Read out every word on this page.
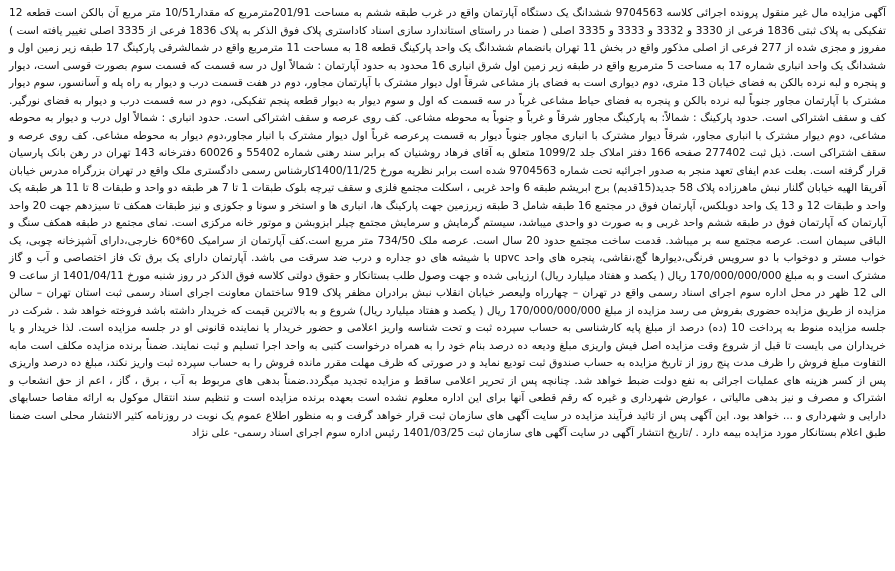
آگهی مزایده مال غیر منقول پرونده اجرائی کلاسه 9704563 ششدانگ یک دستگاه آپارتمان واقع در غرب طبقه ششم به مساحت 201/91مترمربع که مقدار10/51 متر مربع آن بالکن است قطعه 12 تفکیکی به پلاک ثبتی 1836 فرعی از 3330 و 3332 و 3333 و 3335 اصلی ( ضمنا در راستای استاندارد سازی اسناد کاداستری پلاک فوق الذکر به پلاک 1836 فرعی از 3335 اصلی تغییر یافته است ) مفروز و مجزی شده از 277 فرعی از اصلی مذکور واقع در بخش 11 تهران بانضمام ششدانگ یک واحد پارکینگ قطعه 18 به مساحت 11 مترمربع واقع در شمالشرقی پارکینگ 17 طبقه زیر زمین اول و ششدانگ یک واحد انباری شماره 17 به مساحت 5 مترمربع واقع در طبقه زیر زمین اول شرق انباری 16 محدود به حدود آپارتمان : شمالاً اول در سه قسمت که قسمت سوم بصورت قوسی است، دیوار و پنجره و لبه نرده بالکن به فضای خیابان 13 متری، دوم دیواری است به فضای باز مشاعی شرقاً اول دیوار مشترک با آپارتمان مجاور، دوم در هفت قسمت درب و دیوار به راه پله و آسانسور، سوم دیوار مشترک با آپارتمان مجاور جنوباً لبه نرده بالکن و پنجره به فضای حیاط مشاعی غرباً در سه قسمت که اول و سوم دیوار به دیوار قطعه پنجم تفکیکی، دوم در سه قسمت درب و دیوار به فضای نورگیر. کف و سقف اشتراکی است. حدود پارکینگ : شمالاً: به پارکینگ مجاور شرقاً و غرباً و جنوباً به محوطه مشاعی. کف روی عرصه و سقف اشتراکی است. حدود انباری : شمالاً اول درب و دیوار به محوطه مشاعی، دوم دیوار مشترک با انباری مجاور، شرقاً دیوار مشترک با انباری مجاور جنوباً دیوار به قسمت پرعرصه غرباً اول دیوار مشترک با انبار مجاور،دوم دیوار به محوطه مشاعی. کف روی عرصه و سقف اشتراکی است. ذیل ثبت 277402 صفحه 166 دفتر املاک جلد 1099/2 متعلق به آقای فرهاد روشنیان که برابر سند رهنی شماره 55402 و 60026 دفترخانه 143 تهران در رهن بانک پارسیان قرار گرفته است. بعلت عدم ایفای تعهد منجر به صدور اجرائیه تحت شماره 9704563 شده است برابر نظریه مورخ 1400/11/25کارشناس رسمی دادگستری ملک واقع در تهران بزرگراه مدرس خیابان آفریقا الهیه خیابان گلنار نبش ماهرزاده پلاک 58 جدید(15قدیم) برج ابریشم طبقه 6 واحد غربی ، اسکلت مجتمع فلزی و سقف تیرچه بلوک طبقات 1 تا 7 هر طبقه دو واحد و طبقات 8 تا 11 هر طبقه یک واحد و طبقات 12 و 13 یک واحد دوبلکس، آپارتمان فوق در مجتمع 16 طبقه شامل 3 طبقه زیرزمین جهت پارکینگ ها، انباری ها و استخر و سونا و جکوزی و نیز طبقات همکف تا سیزدهم جهت 20 واحد آپارتمان که آپارتمان فوق در طبقه ششم واحد غربی و به صورت دو واحدی میباشد، سیستم گرمایش و سرمایش مجتمع چیلر ابزوبشن و موتور خانه مرکزی است. نمای مجتمع در طبقه همکف سنگ و الباقی سیمان است. عرصه مجتمع سه بر میباشد. قدمت ساخت مجتمع حدود 20 سال است. عرصه ملک 734/50 متر مربع است.کف آپارتمان از سرامیک 60*60 خارجی،دارای آشپزخانه چوبی، یک خواب مستر و دوخواب با دو سرویس فرنگی،دیوارها گچ،نقاشی، پنجره های واحد upvc با شیشه های دو جداره و درب ضد سرقت می باشد. آپارتمان دارای یک برق تک فاز اختصاصی و آب و گاز مشترک است و به مبلغ 170/000/000/000 ریال ( یکصد و هفتاد میلیارد ریال) ارزیابی شده و جهت وصول طلب بستانکار و حقوق دولتی کلاسه فوق الذکر در روز شنبه مورخ 1401/04/11 از ساعت 9 الی 12 ظهر در محل اداره سوم اجرای اسناد رسمی واقع در تهران – چهارراه ولیعصر خیابان انقلاب نبش برادران مظفر پلاک 919 ساختمان معاونت اجرای اسناد رسمی ثبت استان تهران – سالن مزایده از طریق مزایده حضوری بفروش می رسد مزایده از مبلغ 170/000/000/000 ریال ( یکصد و هفتاد میلیارد ریال) شروع و به بالاترین قیمت که خریدار داشته باشد فروخته خواهد شد . شرکت در جلسه مزایده منوط به پرداخت 10 (ده) درصد از مبلغ پایه کارشناسی به حساب سپرده ثبت و تحت شناسه واریز اعلامی و حضور خریدار یا نماینده قانونی او در جلسه مزایده است. لذا خریدار و یا خریداران می بایست تا قبل از شروع وقت مزایده اصل فیش واریزی مبلغ ودیعه ده درصد بنام خود را به همراه درخواست کتبی به واحد اجرا تسلیم و ثبت نمایند. ضمناً برنده مزایده مکلف است مابه التفاوت مبلغ فروش را ظرف مدت پنج روز از تاریخ مزایده به حساب صندوق ثبت تودیع نماید و در صورتی که ظرف مهلت مقرر مانده فروش را به حساب سپرده ثبت واریز نکند، مبلغ ده درصد واریزی پس از کسر هزینه های عملیات اجرائی به نفع دولت ضبط خواهد شد. چنانچه پس از تحریر اعلامی ساقط و مزایده تجدید میگردد.ضمناً بدهی های مربوط به آب ، برق ، گاز ، اعم از حق انشعاب و اشتراک و مصرف و نیز بدهی مالیاتی ، عوارض شهرداری و غیره که رقم قطعی آنها برای این اداره معلوم نشده است بعهده برنده مزایده است و تنظیم سند انتقال موکول به ارائه مفاصا حسابهای دارایی و شهرداری و ... خواهد بود. این آگهی پس از تائید فرآیند مزایده در سایت آگهی های سازمان ثبت قرار خواهد گرفت و به منظور اطلاع عموم یک نوبت در روزنامه کثیر الانتشار محلی است ضمنا طبق اعلام بستانکار مورد مزایده بیمه دارد . /تاریخ انتشار آگهی در سایت آگهی های سازمان ثبت 1401/03/25 رئیس اداره سوم اجرای اسناد رسمی- علی نژاد
